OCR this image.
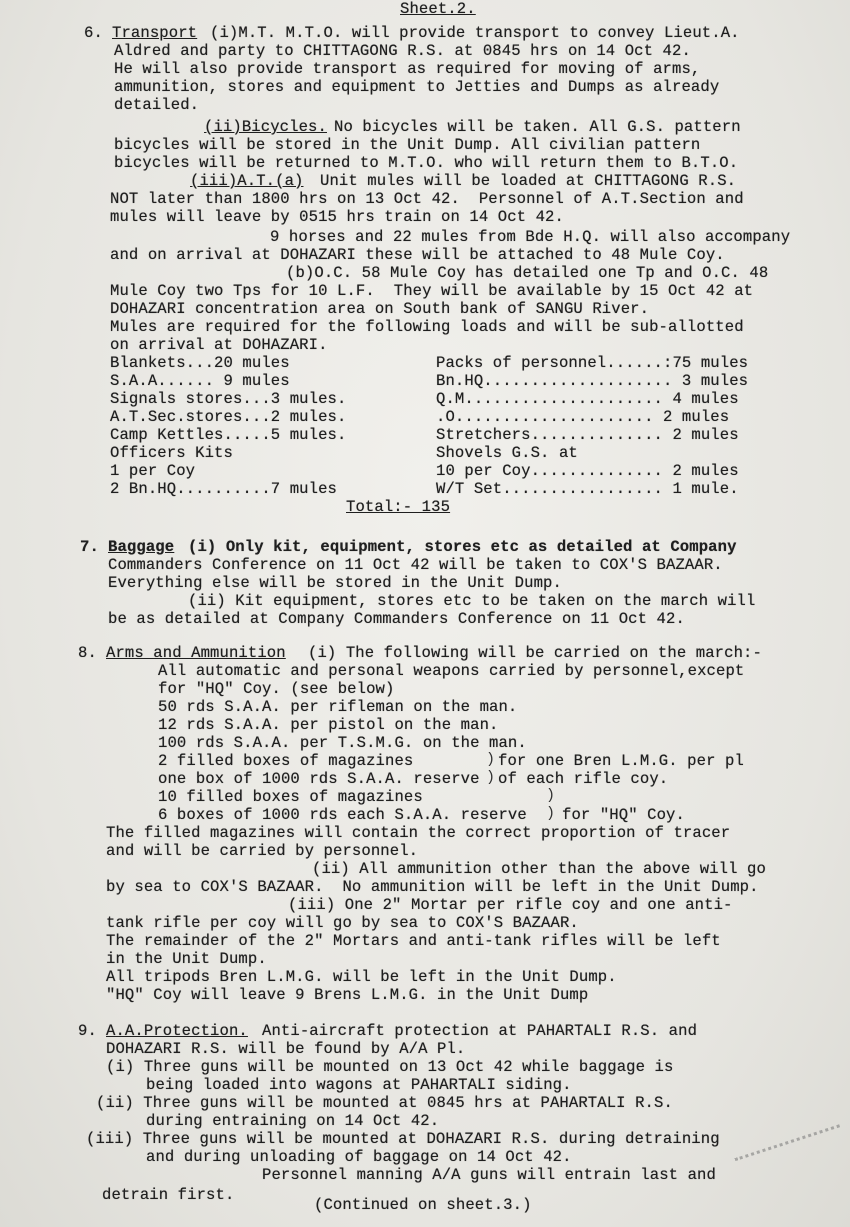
Sheet.2.
6. Transport (i)M.T. M.T.O. will provide transport to convey Lieut.A.
Aldred and party to CHITTAGONG R.S. at 0845 hrs on 14 Oct 42.
He will also provide transport as required for moving of arms,
ammunition, stores and equipment to Jetties and Dumps as already
detailed.
(ii)Bicycles. No bicycles will be taken. All G.S. pattern
bicycles will be stored in the Unit Dump. All civilian pattern
bicycles will be returned to M.T.O. who will return them to B.T.O.
(iii)A.T.(a) Unit mules will be loaded at CHITTAGONG R.S.
NOT later than 1800 hrs on 13 Oct 42.  Personnel of A.T.Section and
mules will leave by 0515 hrs train on 14 Oct 42.
9 horses and 22 mules from Bde H.Q. will also accompany
and on arrival at DOHAZARI these will be attached to 48 Mule Coy.
(b)O.C. 58 Mule Coy has detailed one Tp and O.C. 48
Mule Coy two Tps for 10 L.F.  They will be available by 15 Oct 42 at
DOHAZARI concentration area on South bank of SANGU River.
Mules are required for the following loads and will be sub-allotted
on arrival at DOHAZARI.
Blankets...20 mules
S.A.A...... 9 mules
Signals stores...3 mules.
A.T.Sec.stores...2 mules.
Camp Kettles.....5 mules.
Officers Kits
1 per Coy
2 Bn.HQ..........7 mules
Packs of personnel......:75 mules
Bn.HQ.................... 3 mules
Q.M..................... 4 mules
.O..................... 2 mules
Stretchers.............. 2 mules
Shovels G.S. at
10 per Coy.............. 2 mules
W/T Set................. 1 mule.
Total:- 135
7. Baggage (i) Only kit, equipment, stores etc as detailed at Company
Commanders Conference on 11 Oct 42 will be taken to COX'S BAZAAR.
Everything else will be stored in the Unit Dump.
(ii) Kit equipment, stores etc to be taken on the march will
be as detailed at Company Commanders Conference on 11 Oct 42.
8. Arms and Ammunition (i) The following will be carried on the march:-
All automatic and personal weapons carried by personnel,except
for "HQ" Coy. (see below)
50 rds S.A.A. per rifleman on the man.
12 rds S.A.A. per pistol on the man.
100 rds S.A.A. per T.S.M.G. on the man.
2 filled boxes of magazines
one box of 1000 rds S.A.A. reserve
10 filled boxes of magazines
6 boxes of 1000 rds each S.A.A. reserve
)
)
)
)
for one Bren L.M.G. per pl
of each rifle coy.
for "HQ" Coy.
The filled magazines will contain the correct proportion of tracer
and will be carried by personnel.
(ii) All ammunition other than the above will go
by sea to COX'S BAZAAR.  No ammunition will be left in the Unit Dump.
(iii) One 2" Mortar per rifle coy and one anti-
tank rifle per coy will go by sea to COX'S BAZAAR.
The remainder of the 2" Mortars and anti-tank rifles will be left
in the Unit Dump.
All tripods Bren L.M.G. will be left in the Unit Dump.
"HQ" Coy will leave 9 Brens L.M.G. in the Unit Dump
9. A.A.Protection. Anti-aircraft protection at PAHARTALI R.S. and
DOHAZARI R.S. will be found by A/A Pl.
(i) Three guns will be mounted on 13 Oct 42 while baggage is
being loaded into wagons at PAHARTALI siding.
(ii) Three guns will be mounted at 0845 hrs at PAHARTALI R.S.
during entraining on 14 Oct 42.
(iii) Three guns will be mounted at DOHAZARI R.S. during detraining
and during unloading of baggage on 14 Oct 42.
Personnel manning A/A guns will entrain last and
detrain first.
(Continued on sheet.3.)
